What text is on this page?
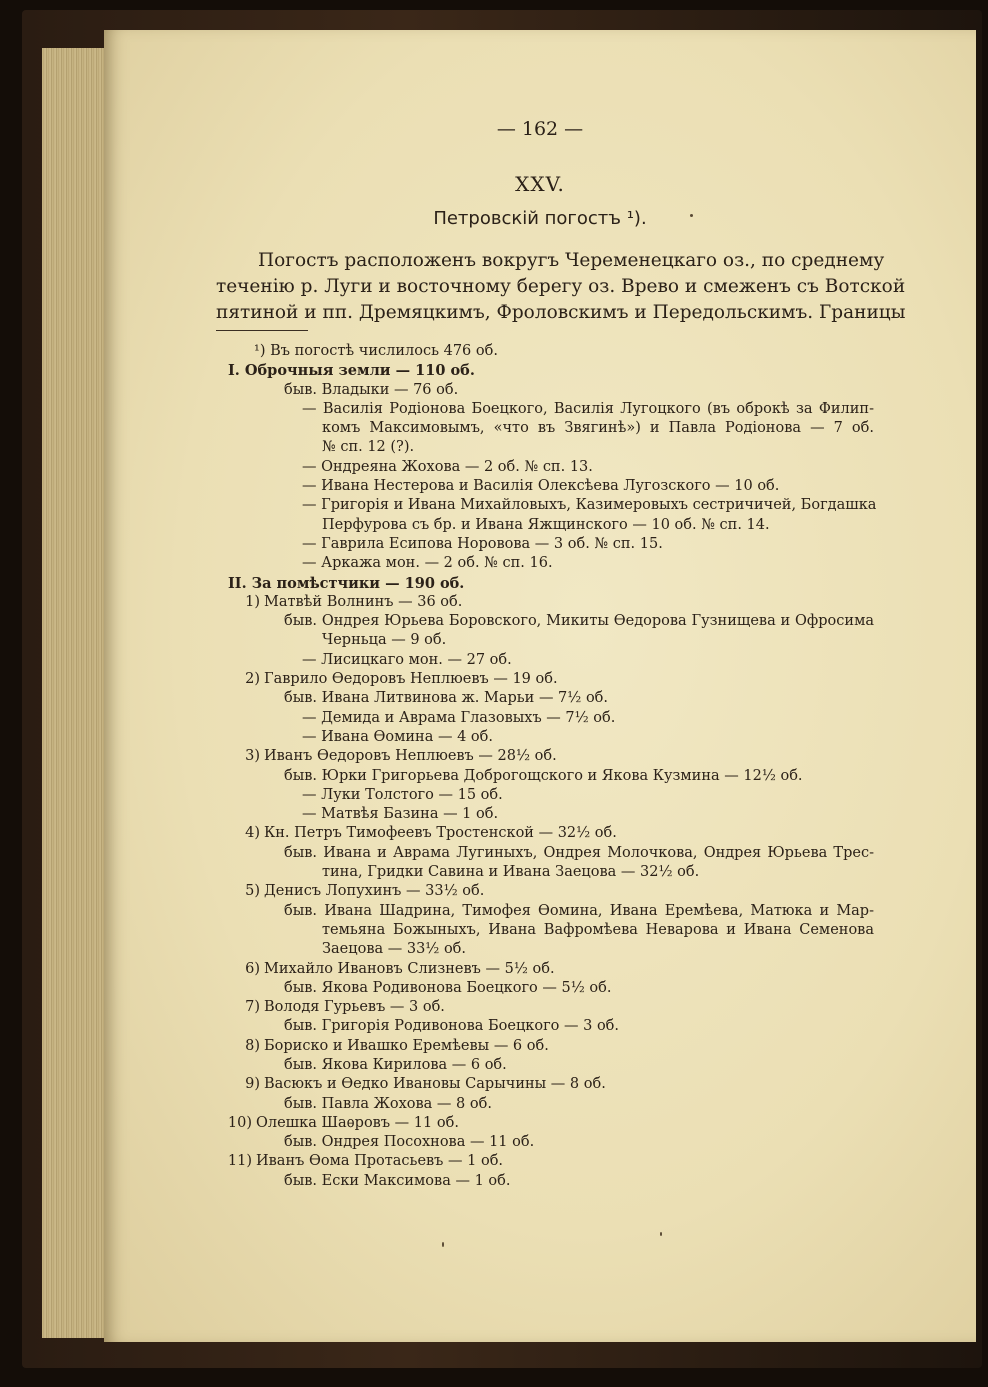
— 162 —
XXV.
Петровскій погостъ ¹).
Погостъ расположенъ вокругъ Череменецкаго оз., по среднему
теченію р. Луги и восточному берегу оз. Врево и смеженъ съ Вотской
пятиной и пп. Дремяцкимъ, Фроловскимъ и Передольскимъ. Границы
¹) Въ погостѣ числилось 476 об.
I. Оброчныя земли — 110 об.
быв. Владыки — 76 об.
— Василія Родіонова Боецкого, Василія Лугоцкого (въ оброкѣ за Филип-
комъ Максимовымъ, «что въ Звягинѣ») и Павла Родіонова — 7 об.
№ сп. 12 (?).
— Ондреяна Жохова — 2 об. № сп. 13.
— Ивана Нестерова и Василія Олексѣева Лугозского — 10 об.
— Григорія и Ивана Михайловыхъ, Казимеровыхъ сестричичей, Богдашка
Перфурова съ бр. и Ивана Яжщинского — 10 об. № сп. 14.
— Гаврила Есипова Норовова — 3 об. № сп. 15.
— Аркажа мон. — 2 об. № сп. 16.
II. За помѣстчики — 190 об.
1) Матвѣй Волнинъ — 36 об.
быв. Ондрея Юрьева Боровского, Микиты Өедорова Гузнищева и Офросима
Черньца — 9 об.
— Лисицкаго мон. — 27 об.
2) Гаврило Өедоровъ Неплюевъ — 19 об.
быв. Ивана Литвинова ж. Марьи — 7½ об.
— Демида и Аврама Глазовыхъ — 7½ об.
— Ивана Өомина — 4 об.
3) Иванъ Өедоровъ Неплюевъ — 28½ об.
быв. Юрки Григорьева Доброгощского и Якова Кузмина — 12½ об.
— Луки Толстого — 15 об.
— Матвѣя Базина — 1 об.
4) Кн. Петръ Тимофеевъ Тростенской — 32½ об.
быв. Ивана и Аврама Лугиныхъ, Ондрея Молочкова, Ондрея Юрьева Трес-
тина, Гридки Савина и Ивана Заецова — 32½ об.
5) Денисъ Лопухинъ — 33½ об.
быв. Ивана Шадрина, Тимофея Өомина, Ивана Еремѣева, Матюка и Мар-
темьяна Божыныхъ, Ивана Вафромѣева Неварова и Ивана Семенова
Заецова — 33½ об.
6) Михайло Ивановъ Слизневъ — 5½ об.
быв. Якова Родивонова Боецкого — 5½ об.
7) Володя Гурьевъ — 3 об.
быв. Григорія Родивонова Боецкого — 3 об.
8) Бориско и Ивашко Еремѣевы — 6 об.
быв. Якова Кирилова — 6 об.
9) Васюкъ и Өедко Ивановы Сарычины — 8 об.
быв. Павла Жохова — 8 об.
10) Олешка Шаѳровъ — 11 об.
быв. Ондрея Посохнова — 11 об.
11) Иванъ Өома Протасьевъ — 1 об.
быв. Ески Максимова — 1 об.
